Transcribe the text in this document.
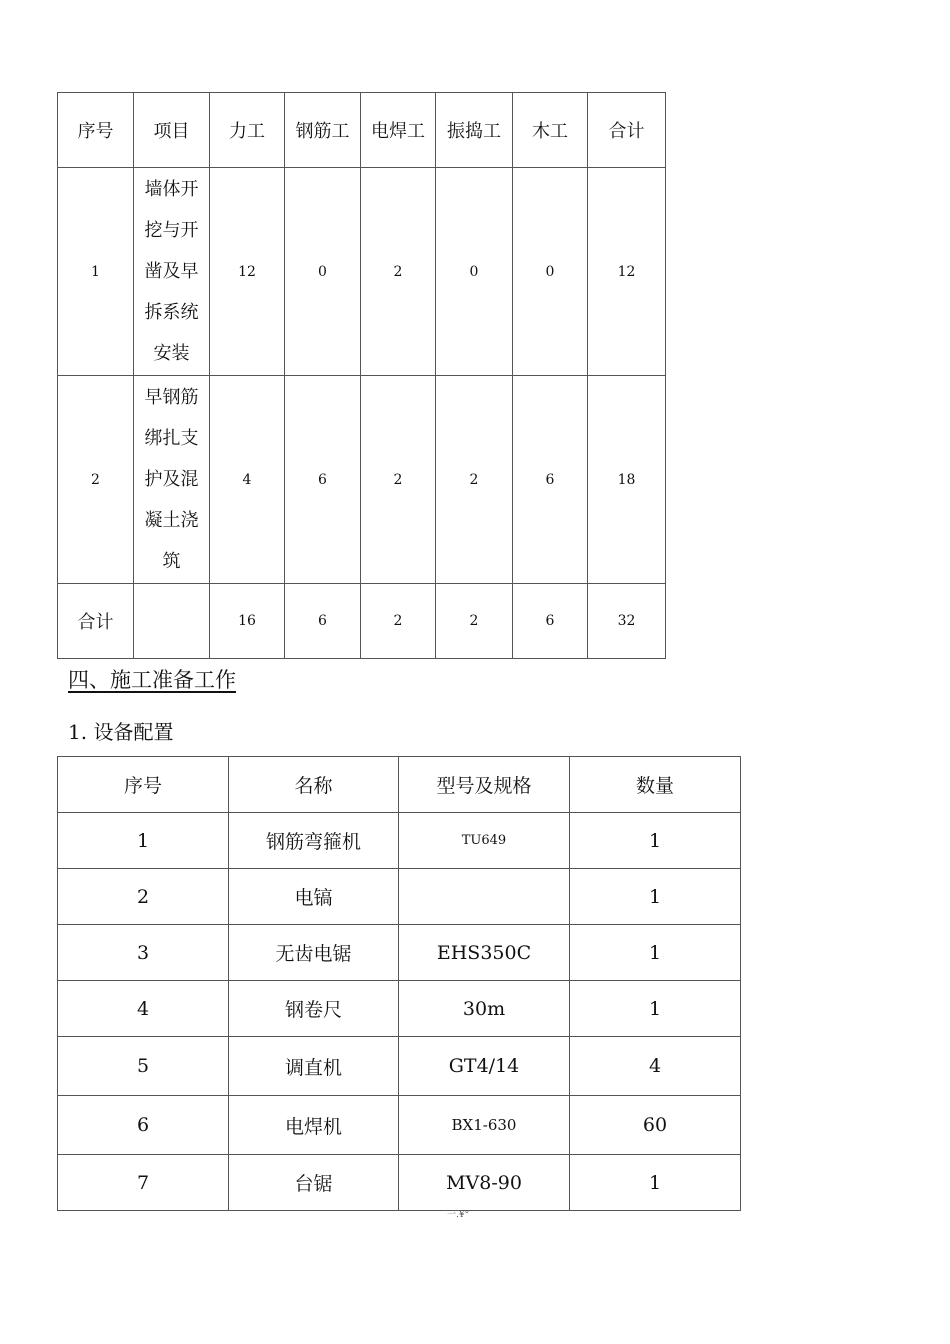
序号	项目	力工	钢筋工	电焊工	振捣工	木工	合计
1	墙体开
挖与开
凿及早
拆系统
安装	12	0	2	0	0	12
2	早钢筋
绑扎支
护及混
凝土浇
筑	4	6	2	2	6	18
合计		16	6	2	2	6	32
四、施工准备工作
1. 设备配置
序号	名称	型号及规格	数量
1	钢筋弯箍机	TU649	1
2	电镐		1
3	无齿电锯	EHS350C	1
4	钢卷尺	30m	1
5	调直机	GT4/14	4
6	电焊机	BX1-630	60
7	台锯	MV8-90	1
一.¥°
